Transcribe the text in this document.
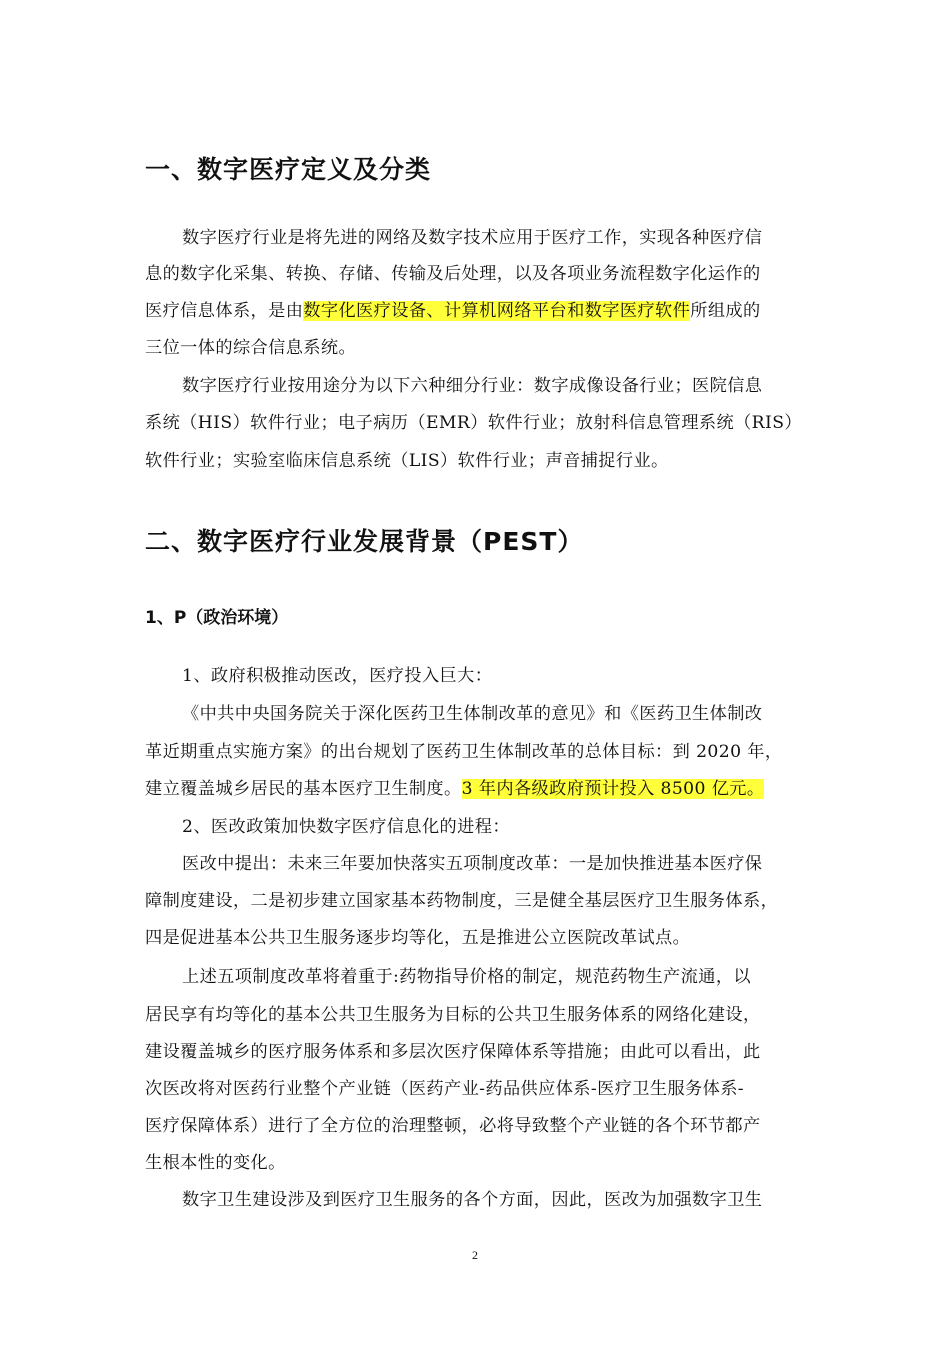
一、数字医疗定义及分类
数字医疗行业是将先进的网络及数字技术应用于医疗工作，实现各种医疗信
息的数字化采集、转换、存储、传输及后处理，以及各项业务流程数字化运作的
医疗信息体系，是由数字化医疗设备、计算机网络平台和数字医疗软件所组成的
三位一体的综合信息系统。
数字医疗行业按用途分为以下六种细分行业：数字成像设备行业；医院信息
系统（HIS）软件行业；电子病历（EMR）软件行业；放射科信息管理系统（RIS）
软件行业；实验室临床信息系统（LIS）软件行业；声音捕捉行业。
二、数字医疗行业发展背景（PEST）
1、P（政治环境）
1、政府积极推动医改，医疗投入巨大：
《中共中央国务院关于深化医药卫生体制改革的意见》和《医药卫生体制改
革近期重点实施方案》的出台规划了医药卫生体制改革的总体目标：到 2020 年，
建立覆盖城乡居民的基本医疗卫生制度。3 年内各级政府预计投入 8500 亿元。
2、医改政策加快数字医疗信息化的进程：
医改中提出：未来三年要加快落实五项制度改革：一是加快推进基本医疗保
障制度建设，二是初步建立国家基本药物制度，三是健全基层医疗卫生服务体系，
四是促进基本公共卫生服务逐步均等化，五是推进公立医院改革试点。
上述五项制度改革将着重于:药物指导价格的制定，规范药物生产流通，以
居民享有均等化的基本公共卫生服务为目标的公共卫生服务体系的网络化建设，
建设覆盖城乡的医疗服务体系和多层次医疗保障体系等措施；由此可以看出，此
次医改将对医药行业整个产业链（医药产业-药品供应体系-医疗卫生服务体系-
医疗保障体系）进行了全方位的治理整顿，必将导致整个产业链的各个环节都产
生根本性的变化。
数字卫生建设涉及到医疗卫生服务的各个方面，因此，医改为加强数字卫生
2
